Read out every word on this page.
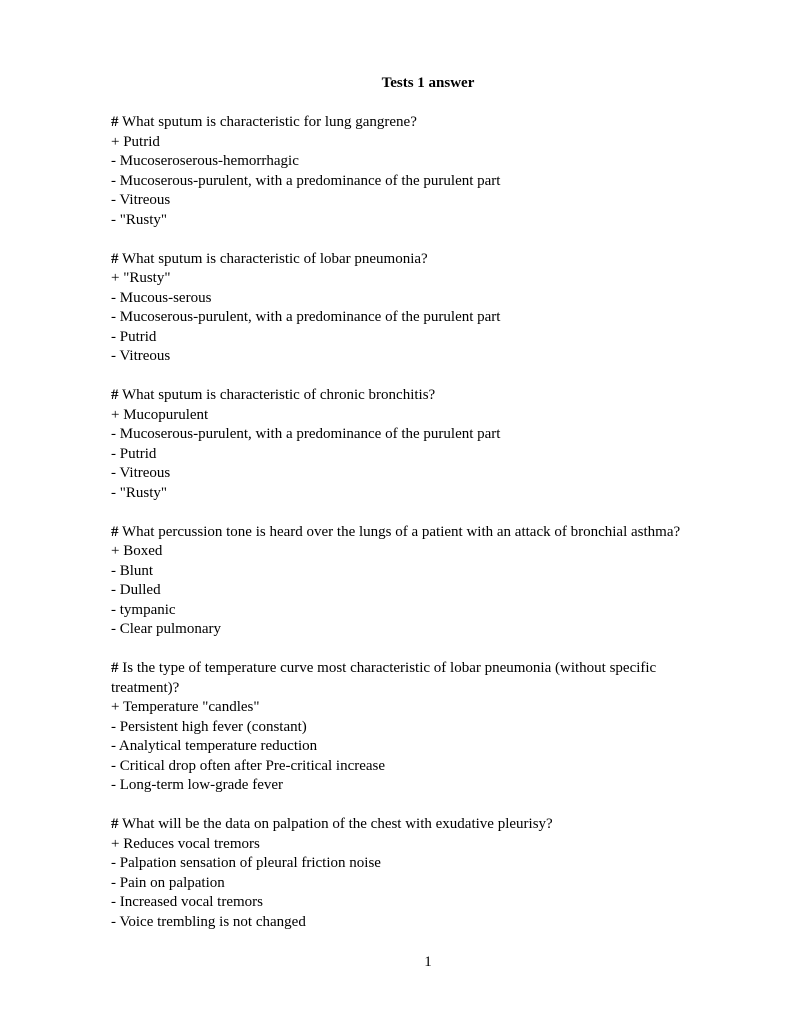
Tests 1 answer
# What sputum is characteristic for lung gangrene?
+ Putrid
- Mucoseroserous-hemorrhagic
- Mucoserous-purulent, with a predominance of the purulent part
- Vitreous
- "Rusty"
# What sputum is characteristic of lobar pneumonia?
+ "Rusty"
- Mucous-serous
- Mucoserous-purulent, with a predominance of the purulent part
- Putrid
- Vitreous
# What sputum is characteristic of chronic bronchitis?
+ Mucopurulent
- Mucoserous-purulent, with a predominance of the purulent part
- Putrid
- Vitreous
- "Rusty"
# What percussion tone is heard over the lungs of a patient with an attack of bronchial asthma?
+ Boxed
- Blunt
- Dulled
- tympanic
- Clear pulmonary
# Is the type of temperature curve most characteristic of lobar pneumonia (without specific treatment)?
+ Temperature "candles"
- Persistent high fever (constant)
- Analytical temperature reduction
- Critical drop often after Pre-critical increase
- Long-term low-grade fever
# What will be the data on palpation of the chest with exudative pleurisy?
+ Reduces vocal tremors
- Palpation sensation of pleural friction noise
- Pain on palpation
- Increased vocal tremors
- Voice trembling is not changed
1
